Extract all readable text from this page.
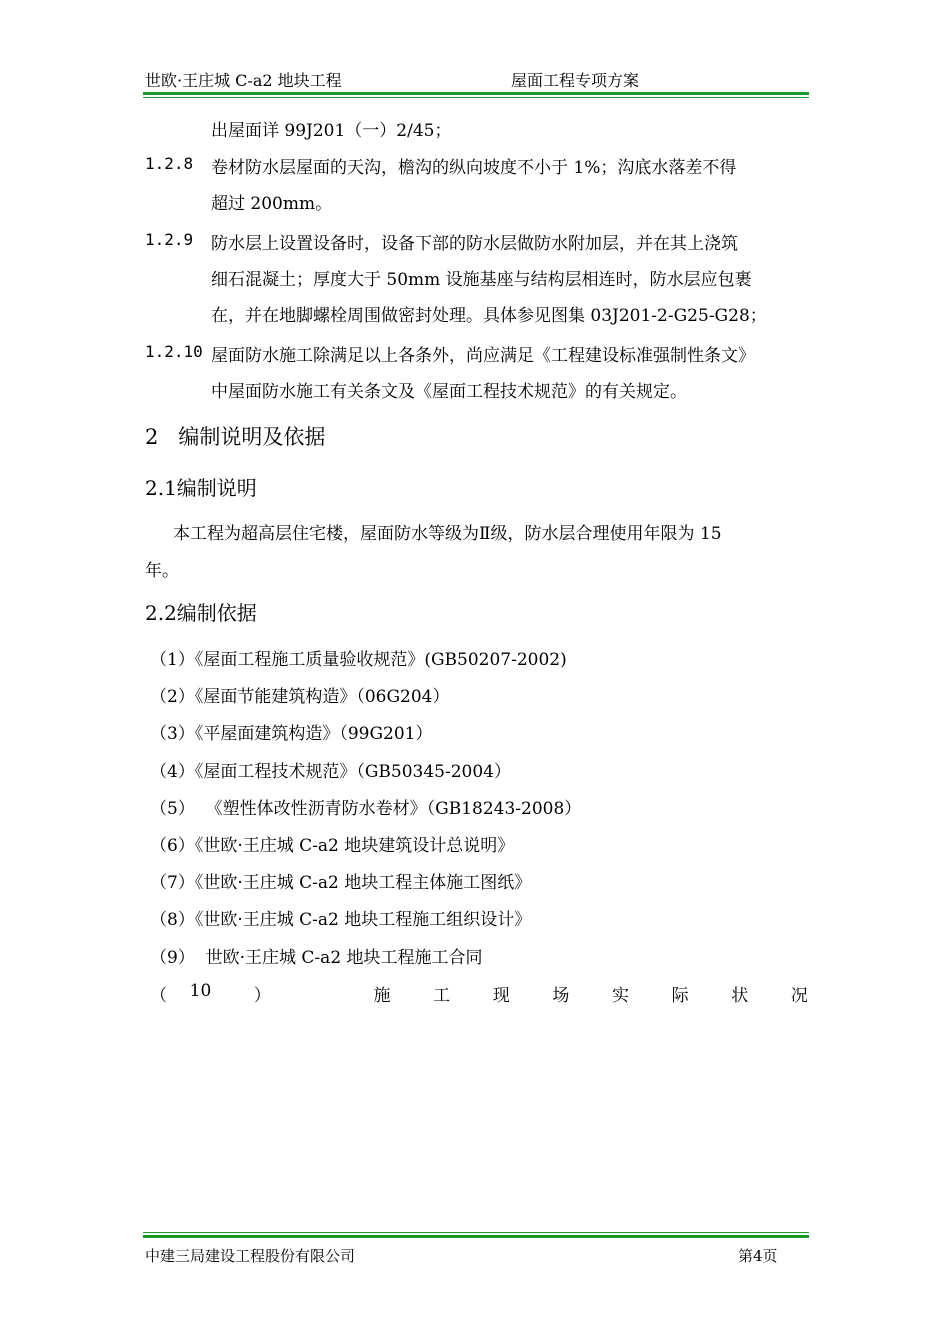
世欧·王庄城 C-a2 地块工程	屋面工程专项方案
出屋面详 99J201（一）2/45；
1.2.8 卷材防水层屋面的天沟，檐沟的纵向坡度不小于 1%；沟底水落差不得
超过 200mm。
1.2.9 防水层上设置设备时，设备下部的防水层做防水附加层，并在其上浇筑
细石混凝土；厚度大于 50mm 设施基座与结构层相连时，防水层应包裹
在，并在地脚螺栓周围做密封处理。具体参见图集 03J201-2-G25-G28；
1.2.10 屋面防水施工除满足以上各条外，尚应满足《工程建设标准强制性条文》
中屋面防水施工有关条文及《屋面工程技术规范》的有关规定。
2   编制说明及依据
2.1编制说明
本工程为超高层住宅楼，屋面防水等级为Ⅱ级，防水层合理使用年限为 15
年。
2.2编制依据
（1）《屋面工程施工质量验收规范》(GB50207-2002)
（2）《屋面节能建筑构造》（06G204）
（3）《平屋面建筑构造》（99G201）
（4）《屋面工程技术规范》（GB50345-2004）
（5）  《塑性体改性沥青防水卷材》（GB18243-2008）
（6）《世欧·王庄城 C-a2 地块建筑设计总说明》
（7）《世欧·王庄城 C-a2 地块工程主体施工图纸》
（8）《世欧·王庄城 C-a2 地块工程施工组织设计》
（9）  世欧·王庄城 C-a2 地块工程施工合同
（ 10	）	施	工	现	场	实	际	状	况
中建三局建设工程股份有限公司	第4页
